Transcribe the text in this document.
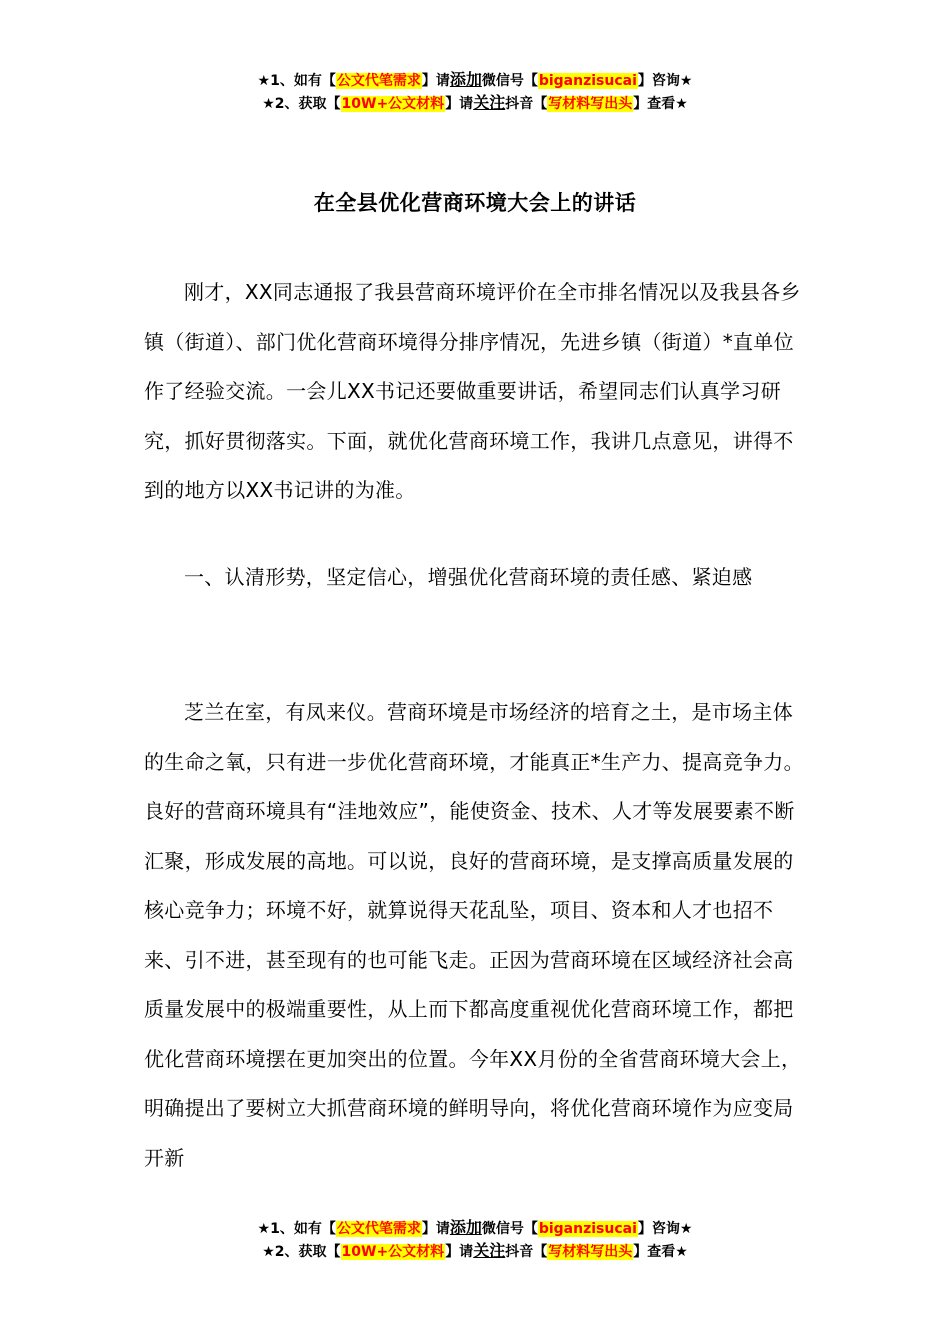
★1、如有【公文代笔需求】请添加微信号【biganzisucai】咨询★
★2、获取【10W+公文材料】请关注抖音【写材料写出头】查看★
在全县优化营商环境大会上的讲话

刚才，XX同志通报了我县营商环境评价在全市排名情况以及我县各乡镇（街道）、部门优化营商环境得分排序情况，先进乡镇（街道）*直单位作了经验交流。一会儿XX书记还要做重要讲话，希望同志们认真学习研究，抓好贯彻落实。下面，就优化营商环境工作，我讲几点意见，讲得不到的地方以XX书记讲的为准。

一、认清形势，坚定信心，增强优化营商环境的责任感、紧迫感

芝兰在室，有凤来仪。营商环境是市场经济的培育之土，是市场主体的生命之氧，只有进一步优化营商环境，才能真正*生产力、提高竞争力。良好的营商环境具有“洼地效应”，能使资金、技术、人才等发展要素不断汇聚，形成发展的高地。可以说，良好的营商环境，是支撑高质量发展的核心竞争力；环境不好，就算说得天花乱坠，项目、资本和人才也招不来、引不进，甚至现有的也可能飞走。正因为营商环境在区域经济社会高质量发展中的极端重要性，从上而下都高度重视优化营商环境工作，都把优化营商环境摆在更加突出的位置。今年XX月份的全省营商环境大会上，明确提出了要树立大抓营商环境的鲜明导向，将优化营商环境作为应变局开新

★1、如有【公文代笔需求】请添加微信号【biganzisucai】咨询★
★2、获取【10W+公文材料】请关注抖音【写材料写出头】查看★
